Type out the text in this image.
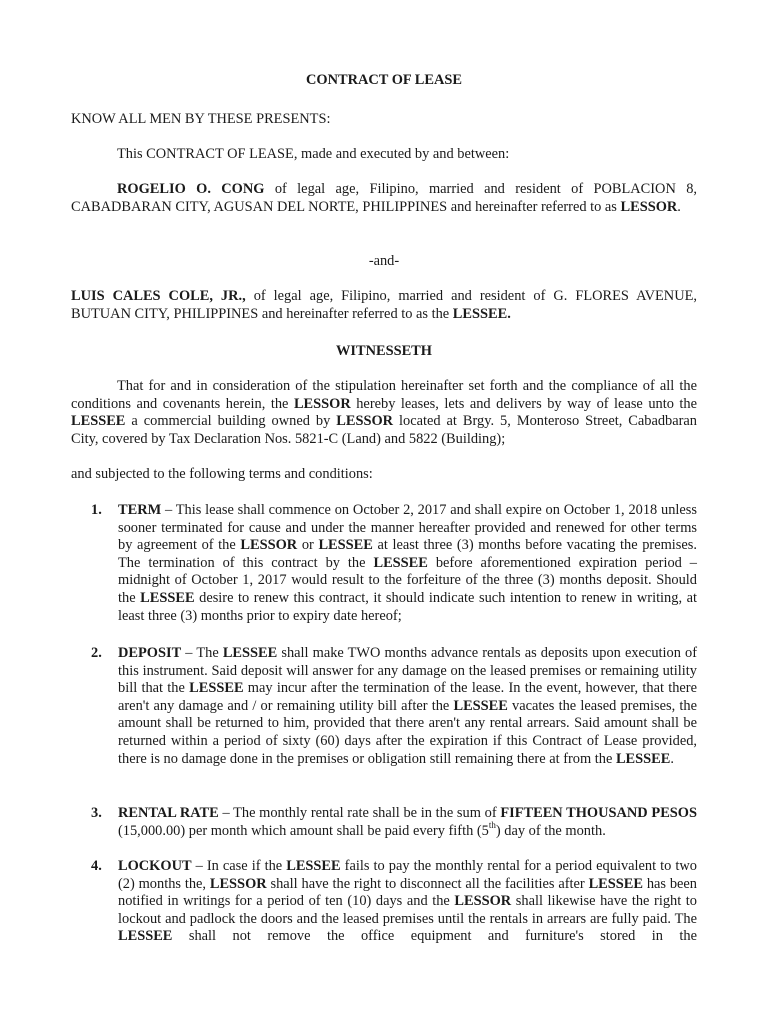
CONTRACT OF LEASE

KNOW ALL MEN BY THESE PRESENTS:

This CONTRACT OF LEASE, made and executed by and between:

ROGELIO O. CONG of legal age, Filipino, married and resident of POBLACION 8, CABADBARAN CITY, AGUSAN DEL NORTE, PHILIPPINES and hereinafter referred to as LESSOR.

-and-

LUIS CALES COLE, JR., of legal age, Filipino, married and resident of G. FLORES AVENUE, BUTUAN CITY, PHILIPPINES and hereinafter referred to as the LESSEE.

WITNESSETH

That for and in consideration of the stipulation hereinafter set forth and the compliance of all the conditions and covenants herein, the LESSOR hereby leases, lets and delivers by way of lease unto the LESSEE a commercial building owned by LESSOR located at Brgy. 5, Monteroso Street, Cabadbaran City, covered by Tax Declaration Nos. 5821-C (Land) and 5822 (Building);

and subjected to the following terms and conditions:

1. TERM – This lease shall commence on October 2, 2017 and shall expire on October 1, 2018 unless sooner terminated for cause and under the manner hereafter provided and renewed for other terms by agreement of the LESSOR or LESSEE at least three (3) months before vacating the premises. The termination of this contract by the LESSEE before aforementioned expiration period – midnight of October 1, 2017 would result to the forfeiture of the three (3) months deposit. Should the LESSEE desire to renew this contract, it should indicate such intention to renew in writing, at least three (3) months prior to expiry date hereof;

2. DEPOSIT – The LESSEE shall make TWO months advance rentals as deposits upon execution of this instrument. Said deposit will answer for any damage on the leased premises or remaining utility bill that the LESSEE may incur after the termination of the lease. In the event, however, that there aren't any damage and / or remaining utility bill after the LESSEE vacates the leased premises, the amount shall be returned to him, provided that there aren't any rental arrears. Said amount shall be returned within a period of sixty (60) days after the expiration if this Contract of Lease provided, there is no damage done in the premises or obligation still remaining there at from the LESSEE.

3. RENTAL RATE – The monthly rental rate shall be in the sum of FIFTEEN THOUSAND PESOS (15,000.00) per month which amount shall be paid every fifth (5th) day of the month.

4. LOCKOUT – In case if the LESSEE fails to pay the monthly rental for a period equivalent to two (2) months the, LESSOR shall have the right to disconnect all the facilities after LESSEE has been notified in writings for a period of ten (10) days and the LESSOR shall likewise have the right to lockout and padlock the doors and the leased premises until the rentals in arrears are fully paid. The LESSEE shall not remove the office equipment and furniture's stored in the
